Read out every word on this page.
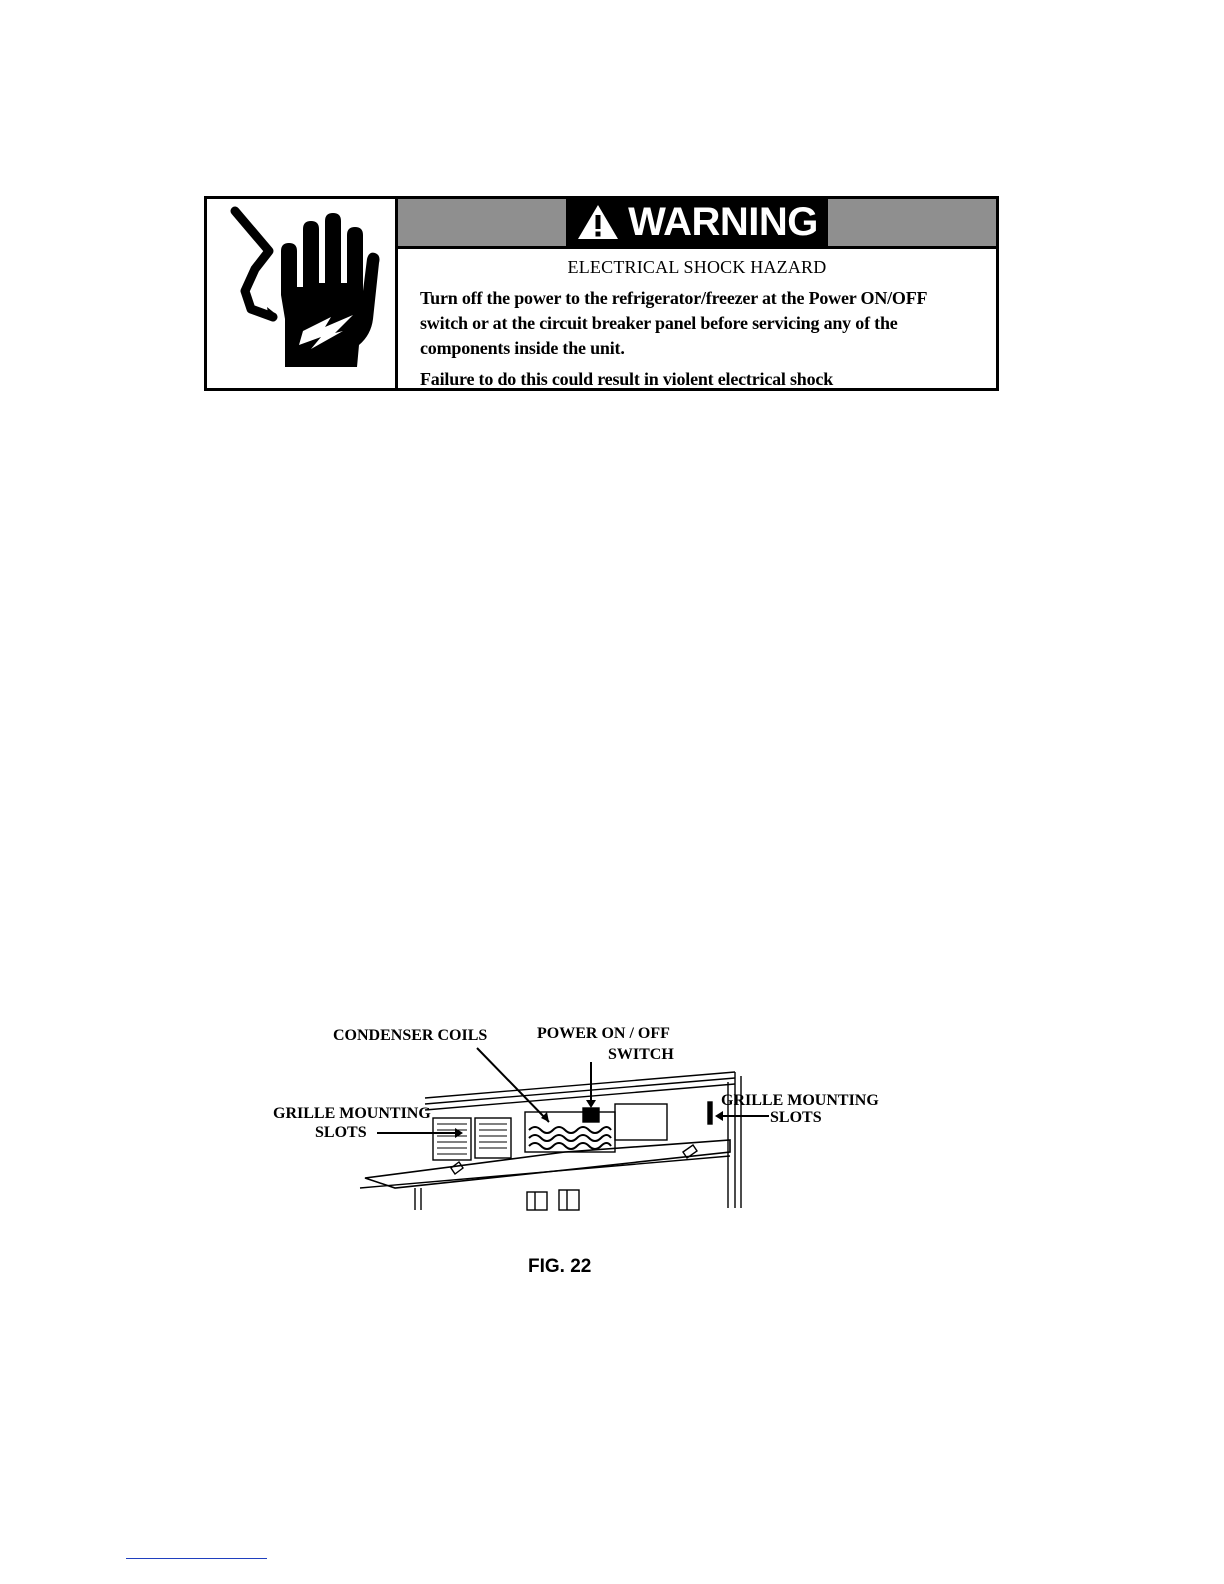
WARNING
ELECTRICAL SHOCK HAZARD

Turn off the power to the refrigerator/freezer at the Power ON/OFF switch or at the circuit breaker panel before servicing any of the components inside the unit.

Failure to do this could result in violent electrical shock

CONDENSER COILS	POWER ON / OFF
SWITCH
GRILLE MOUNTING
SLOTS
GRILLE MOUNTING
SLOTS
FIG. 22
